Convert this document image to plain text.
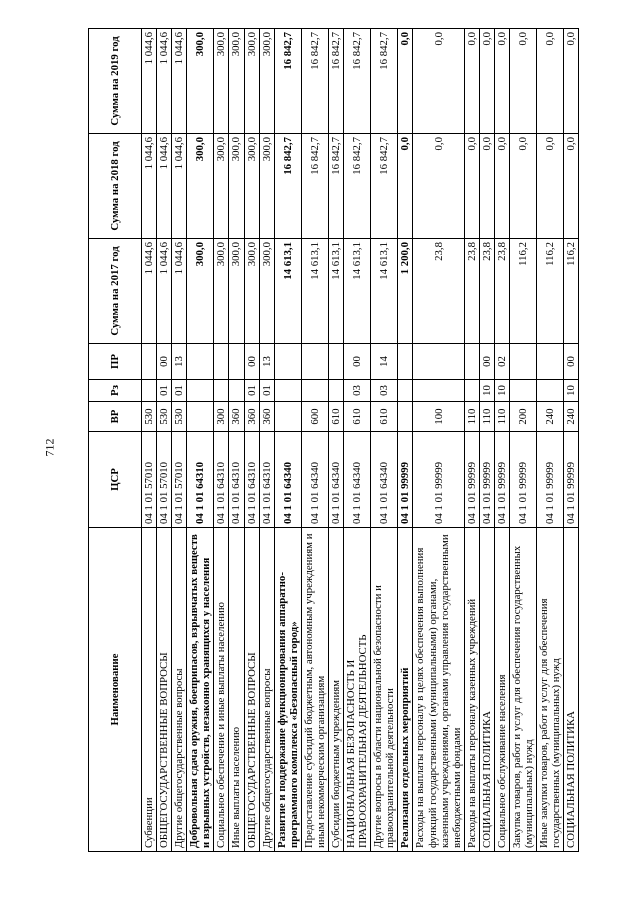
712
Наименование	ЦСР	ВР	Рз	ПР	Сумма на 2017 год	Сумма на 2018 год	Сумма на 2019 год
Субвенции	04 1 01 57010	530			1 044,6	1 044,6	1 044,6
ОБЩЕГОСУДАРСТВЕННЫЕ ВОПРОСЫ	04 1 01 57010	530	01	00	1 044,6	1 044,6	1 044,6
Другие общегосударственные вопросы	04 1 01 57010	530	01	13	1 044,6	1 044,6	1 044,6
Добровольная сдача оружия, боеприпасов, взрывчатых веществ и взрывных устройств, незаконно хранящихся у населения	04 1 01 64310				300,0	300,0	300,0
Социальное обеспечение и иные выплаты населению	04 1 01 64310	300			300,0	300,0	300,0
Иные выплаты населению	04 1 01 64310	360			300,0	300,0	300,0
ОБЩЕГОСУДАРСТВЕННЫЕ ВОПРОСЫ	04 1 01 64310	360	01	00	300,0	300,0	300,0
Другие общегосударственные вопросы	04 1 01 64310	360	01	13	300,0	300,0	300,0
Развитие и поддержание функционирования аппаратно-программного комплекса «Безопасный город»	04 1 01 64340				14 613,1	16 842,7	16 842,7
Предоставление субсидий бюджетным, автономным учреждениям и иным некоммерческим организациям	04 1 01 64340	600			14 613,1	16 842,7	16 842,7
Субсидии бюджетным учреждениям	04 1 01 64340	610			14 613,1	16 842,7	16 842,7
НАЦИОНАЛЬНАЯ БЕЗОПАСНОСТЬ И ПРАВООХРАНИТЕЛЬНАЯ ДЕЯТЕЛЬНОСТЬ	04 1 01 64340	610	03	00	14 613,1	16 842,7	16 842,7
Другие вопросы в области национальной безопасности и правоохранительной деятельности	04 1 01 64340	610	03	14	14 613,1	16 842,7	16 842,7
Реализация отдельных мероприятий	04 1 01 99999				1 200,0	0,0	0,0
Расходы на выплаты персоналу в целях обеспечения выполнения функций государственными (муниципальными) органами, казенными учреждениями, органами управления государственными внебюджетными фондами	04 1 01 99999	100			23,8	0,0	0,0
Расходы на выплаты персоналу казенных учреждений	04 1 01 99999	110			23,8	0,0	0,0
СОЦИАЛЬНАЯ ПОЛИТИКА	04 1 01 99999	110	10	00	23,8	0,0	0,0
Социальное обслуживание населения	04 1 01 99999	110	10	02	23,8	0,0	0,0
Закупка товаров, работ и услуг для обеспечения государственных (муниципальных) нужд	04 1 01 99999	200			116,2	0,0	0,0
Иные закупки товаров, работ и услуг для обеспечения государственных (муниципальных) нужд	04 1 01 99999	240			116,2	0,0	0,0
СОЦИАЛЬНАЯ ПОЛИТИКА	04 1 01 99999	240	10	00	116,2	0,0	0,0
